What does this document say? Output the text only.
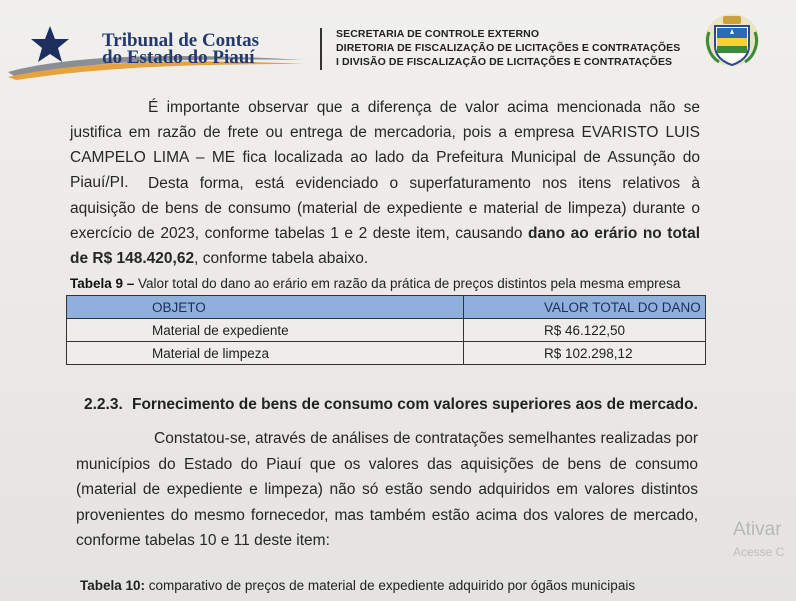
Tribunal de Contas
do Estado do Piauí
SECRETARIA DE CONTROLE EXTERNO
DIRETORIA DE FISCALIZAÇÃO DE LICITAÇÕES E CONTRATAÇÕES
I DIVISÃO DE FISCALIZAÇÃO DE LICITAÇÕES E CONTRATAÇÕES
É importante observar que a diferença de valor acima mencionada não se justifica em razão de frete ou entrega de mercadoria, pois a empresa EVARISTO LUIS CAMPELO LIMA – ME fica localizada ao lado da Prefeitura Municipal de Assunção do Piauí/PI.	Desta forma, está evidenciado o superfaturamento nos itens relativos à aquisição de bens de consumo (material de expediente e material de limpeza) durante o exercício de 2023, conforme tabelas 1 e 2 deste item, causando dano ao erário no total de R$ 148.420,62, conforme tabela abaixo.
Tabela 9 – Valor total do dano ao erário em razão da prática de preços distintos pela mesma empresa
OBJETO	VALOR TOTAL DO DANO
Material de expediente	R$ 46.122,50
Material de limpeza	R$ 102.298,12
2.2.3. Fornecimento de bens de consumo com valores superiores aos de mercado.
Constatou-se, através de análises de contratações semelhantes realizadas por municípios do Estado do Piauí que os valores das aquisições de bens de consumo (material de expediente e limpeza) não só estão sendo adquiridos em valores distintos provenientes do mesmo fornecedor, mas também estão acima dos valores de mercado, conforme tabelas 10 e 11 deste item:
Ativar
Acesse C
Tabela 10: comparativo de preços de material de expediente adquirido por ógãos municipais
